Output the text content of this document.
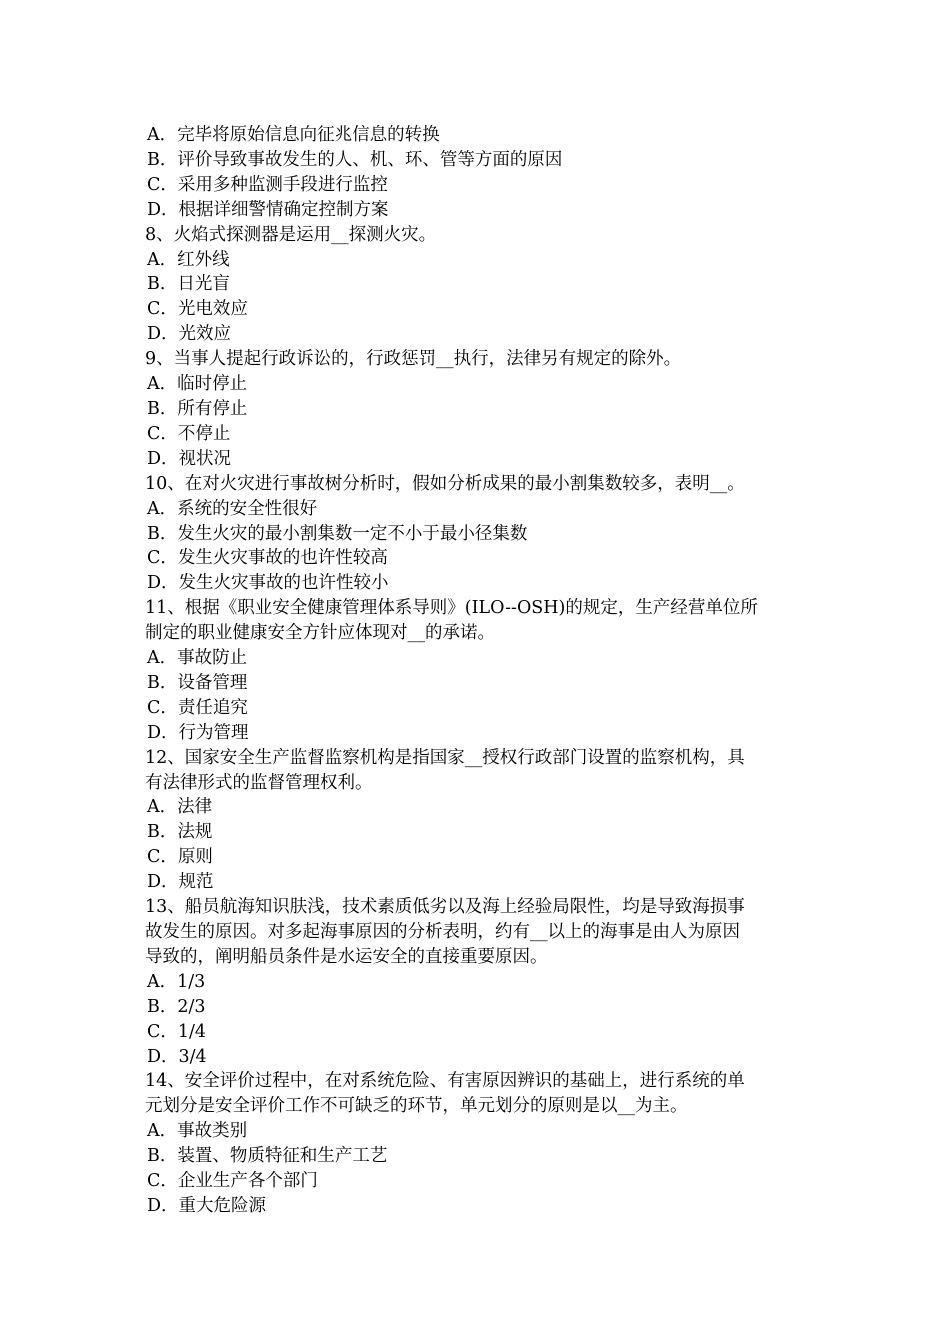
A．完毕将原始信息向征兆信息的转换

B．评价导致事故发生的人、机、环、管等方面的原因

C．采用多种监测手段进行监控

D．根据详细警情确定控制方案

8、火焰式探测器是运用__探测火灾。

A．红外线

B．日光盲

C．光电效应

D．光效应

9、当事人提起行政诉讼的，行政惩罚__执行，法律另有规定的除外。

A．临时停止

B．所有停止

C．不停止

D．视状况

10、在对火灾进行事故树分析时，假如分析成果的最小割集数较多，表明__。

A．系统的安全性很好

B．发生火灾的最小割集数一定不小于最小径集数

C．发生火灾事故的也许性较高

D．发生火灾事故的也许性较小

11、根据《职业安全健康管理体系导则》(ILO--OSH)的规定，生产经营单位所

制定的职业健康安全方针应体现对__的承诺。

A．事故防止

B．设备管理

C．责任追究

D．行为管理

12、国家安全生产监督监察机构是指国家__授权行政部门设置的监察机构，具

有法律形式的监督管理权利。

A．法律

B．法规

C．原则

D．规范

13、船员航海知识肤浅，技术素质低劣以及海上经验局限性，均是导致海损事

故发生的原因。对多起海事原因的分析表明，约有__以上的海事是由人为原因

导致的，阐明船员条件是水运安全的直接重要原因。

A．1/3

B．2/3

C．1/4

D．3/4

14、安全评价过程中，在对系统危险、有害原因辨识的基础上，进行系统的单

元划分是安全评价工作不可缺乏的环节，单元划分的原则是以__为主。

A．事故类别

B．装置、物质特征和生产工艺

C．企业生产各个部门

D．重大危险源
